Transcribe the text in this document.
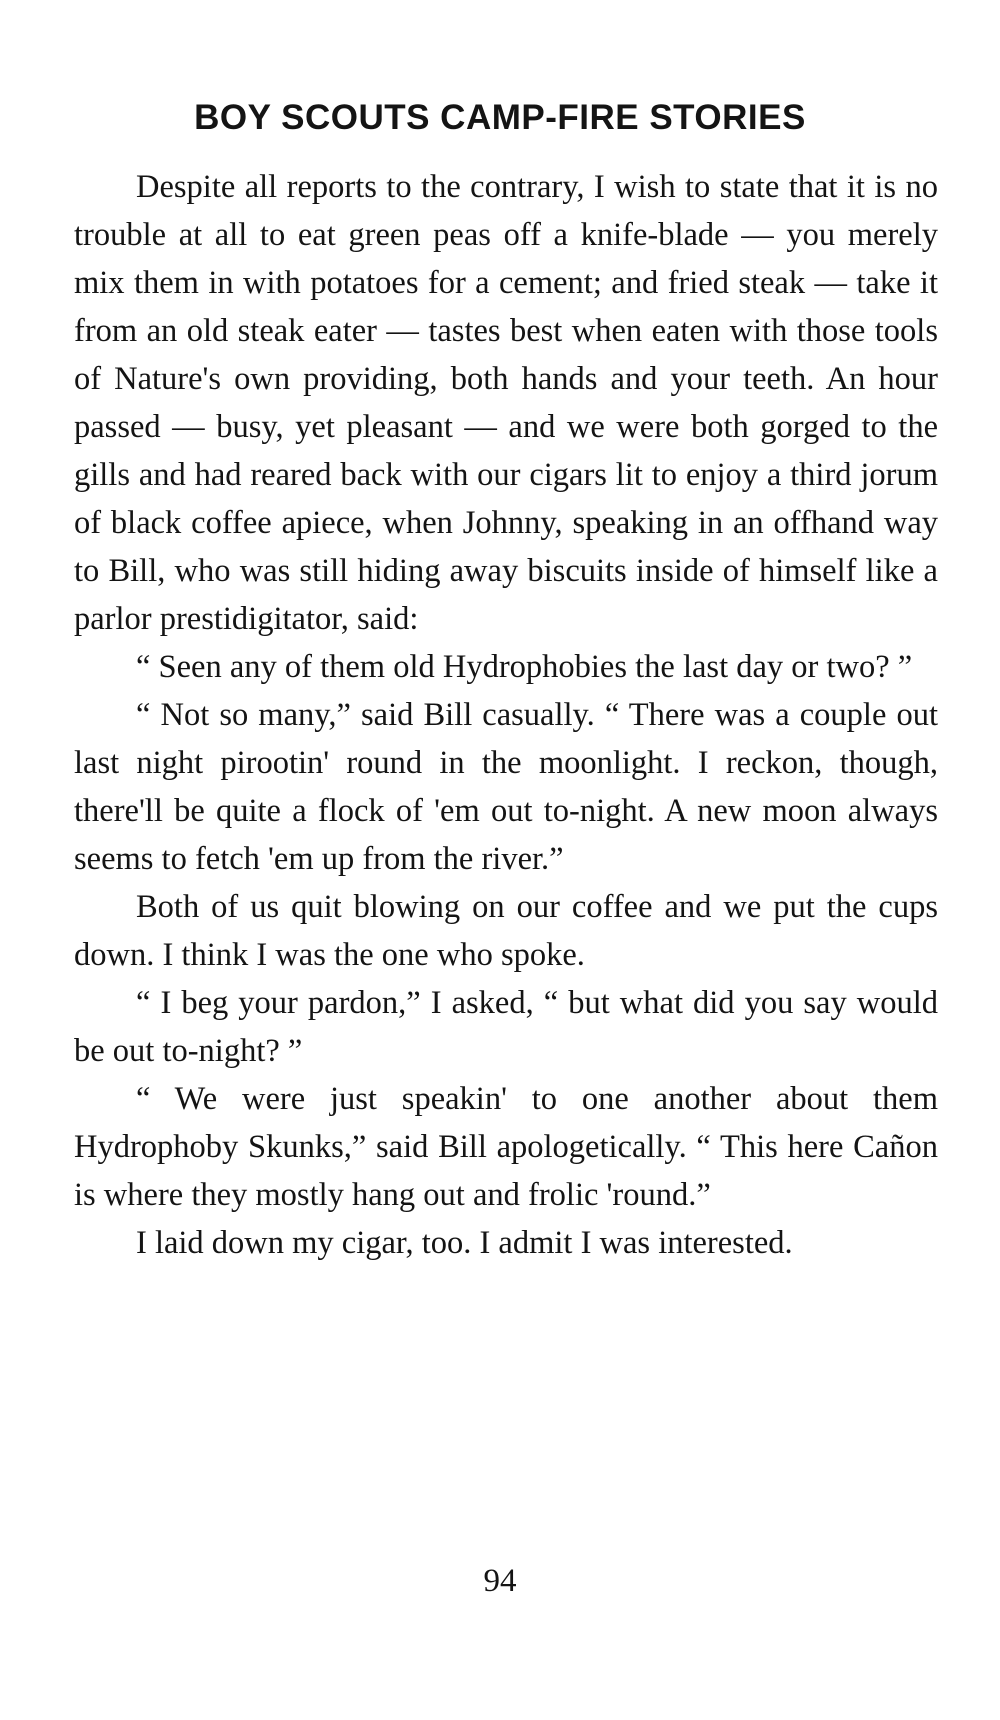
BOY SCOUTS CAMP-FIRE STORIES

Despite all reports to the contrary, I wish to state that it is no trouble at all to eat green peas off a knife-blade — you merely mix them in with potatoes for a cement; and fried steak — take it from an old steak eater — tastes best when eaten with those tools of Nature's own providing, both hands and your teeth. An hour passed — busy, yet pleasant — and we were both gorged to the gills and had reared back with our cigars lit to enjoy a third jorum of black coffee apiece, when Johnny, speaking in an offhand way to Bill, who was still hiding away biscuits inside of himself like a parlor prestidigitator, said:

“ Seen any of them old Hydrophobies the last day or two? ”

“ Not so many,” said Bill casually. “ There was a couple out last night pirootin' round in the moonlight. I reckon, though, there'll be quite a flock of 'em out to-night. A new moon always seems to fetch 'em up from the river.”

Both of us quit blowing on our coffee and we put the cups down. I think I was the one who spoke.

“ I beg your pardon,” I asked, “ but what did you say would be out to-night? ”

“ We were just speakin' to one another about them Hydrophoby Skunks,” said Bill apologetically. “ This here Cañon is where they mostly hang out and frolic 'round.”

I laid down my cigar, too. I admit I was interested.

94
